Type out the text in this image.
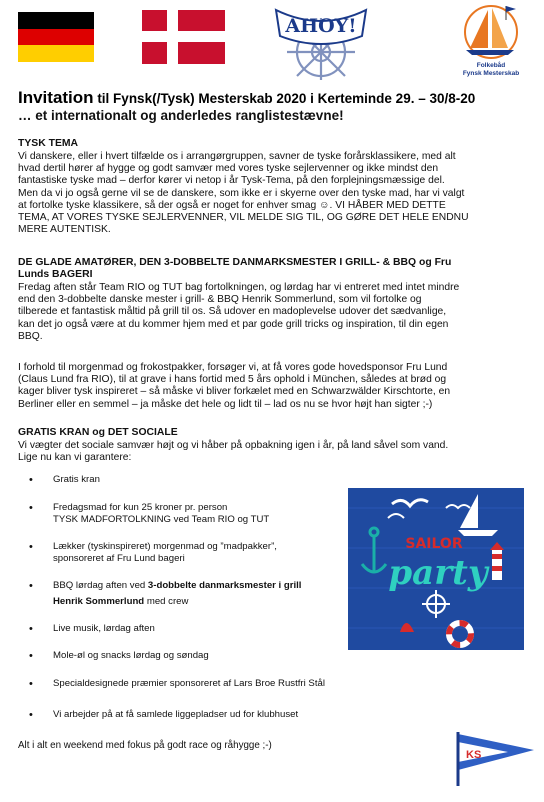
AHOY!
Folkebåd
Fynsk Mesterskab
Invitation til Fynsk(/Tysk) Mesterskab 2020 i Kerteminde 29. – 30/8-20
… et internationalt og anderledes ranglistestævne!
TYSK TEMA
Vi danskere, eller i hvert tilfælde os i arrangørgruppen, savner de tyske forårsklassikere, med alt
hvad dertil hører af hygge og godt samvær med vores tyske sejlervenner og ikke mindst den
fantastiske tyske mad – derfor kører vi netop i år Tysk-Tema, på den forplejningsmæssige del.
Men da vi jo også gerne vil se de danskere, som ikke er i skyerne over den tyske mad, har vi valgt
at fortolke tyske klassikere, så der også er noget for enhver smag ☺. VI HÅBER MED DETTE
TEMA, AT VORES TYSKE SEJLERVENNER, VIL MELDE SIG TIL, OG GØRE DET HELE ENDNU
MERE AUTENTISK.
DE GLADE AMATØRER, DEN 3-DOBBELTE DANMARKSMESTER I GRILL- & BBQ og Fru
Lunds BAGERI
Fredag aften står Team RIO og TUT bag fortolkningen, og lørdag har vi entreret med intet mindre
end den 3-dobbelte danske mester i grill- & BBQ Henrik Sommerlund, som vil fortolke og
tilberede et fantastisk måltid på grill til os. Så udover en madoplevelse udover det sædvanlige,
kan det jo også være at du kommer hjem med et par gode grill tricks og inspiration, til din egen
BBQ.
I forhold til morgenmad og frokostpakker, forsøger vi, at få vores gode hovedsponsor Fru Lund
(Claus Lund fra RIO), til at grave i hans fortid med 5 års ophold i München, således at brød og
kager bliver tysk inspireret – så måske vi bliver forkælet med en Schwarzwälder Kirschtorte, en
Berliner eller en semmel – ja måske det hele og lidt til – lad os nu se hvor højt han sigter ;-)
GRATIS KRAN og DET SOCIALE
Vi vægter det sociale samvær højt og vi håber på opbakning igen i år, på land såvel som vand.
Lige nu kan vi garantere:
• Gratis kran
• Fredagsmad for kun 25 kroner pr. person
TYSK MADFORTOLKNING ved Team RIO og TUT
• Lækker (tyskinspireret) morgenmad og ”madpakker”,
sponsoreret af Fru Lund bageri
• BBQ lørdag aften ved 3-dobbelte danmarksmester i grill
Henrik Sommerlund med crew
• Live musik, lørdag aften
• Mole-øl og snacks lørdag og søndag
• Specialdesignede præmier sponsoreret af Lars Broe Rustfri Stål
• Vi arbejder på at få samlede liggepladser ud for klubhuset
Alt i alt en weekend med fokus på godt race og råhygge ;-)
SAILOR
party
KS
